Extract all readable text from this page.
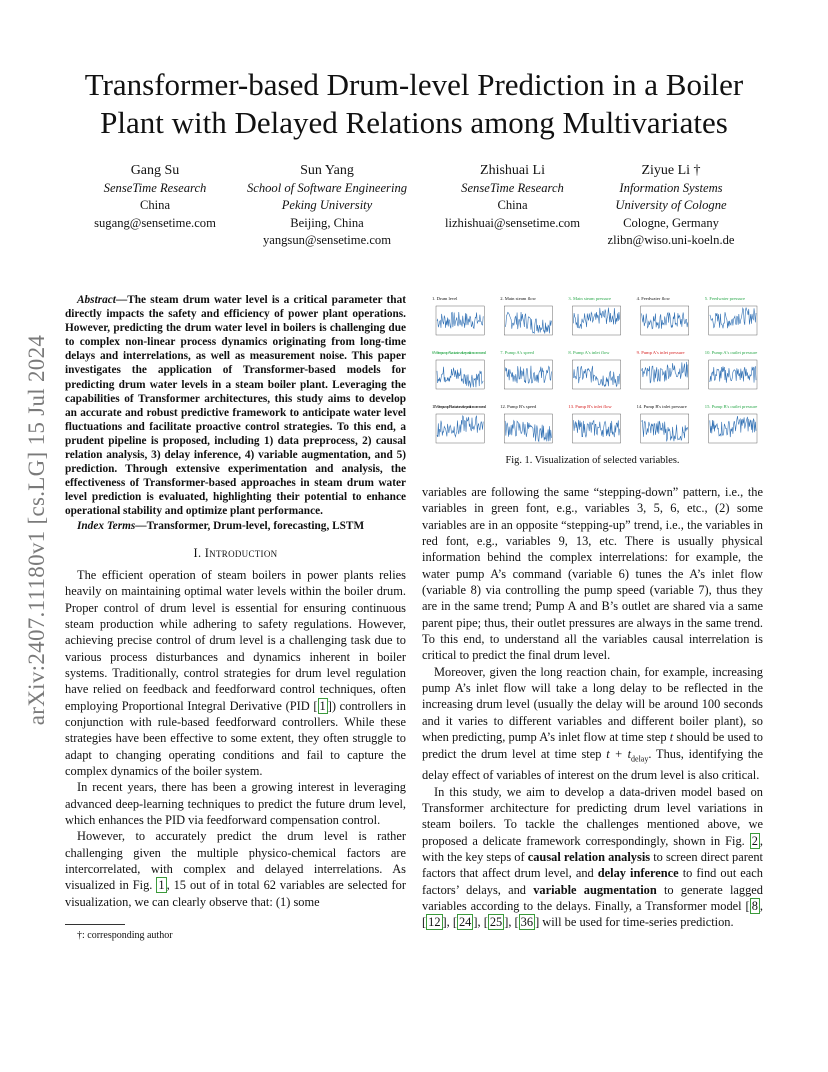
arXiv:2407.11180v1 [cs.LG] 15 Jul 2024
Transformer-based Drum-level Prediction in a Boiler
Plant with Delayed Relations among Multivariates
Gang Su
SenseTime Research
China
sugang@sensetime.com
Sun Yang
School of Software Engineering
Peking University
Beijing, China
yangsun@sensetime.com
Zhishuai Li
SenseTime Research
China
lizhishuai@sensetime.com
Ziyue Li †
Information Systems
University of Cologne
Cologne, Germany
zlibn@wiso.uni-koeln.de

Abstract—The steam drum water level is a critical parameter that directly impacts the safety and efficiency of power plant operations. However, predicting the drum water level in boilers is challenging due to complex non-linear process dynamics originating from long-time delays and interrelations, as well as measurement noise. This paper investigates the application of Transformer-based models for predicting drum water levels in a steam boiler plant. Leveraging the capabilities of Transformer architectures, this study aims to develop an accurate and robust predictive framework to anticipate water level fluctuations and facilitate proactive control strategies. To this end, a prudent pipeline is proposed, including 1) data preprocess, 2) causal relation analysis, 3) delay inference, 4) variable augmentation, and 5) prediction. Through extensive experimentation and analysis, the effectiveness of Transformer-based approaches in steam drum water level prediction is evaluated, highlighting their potential to enhance operational stability and optimize plant performance.

Index Terms—Transformer, Drum-level, forecasting, LSTM

I. Introduction

The efficient operation of steam boilers in power plants relies heavily on maintaining optimal water levels within the boiler drum. Proper control of drum level is essential for ensuring continuous steam production while adhering to safety regulations. However, achieving precise control of drum level is a challenging task due to various process disturbances and dynamics inherent in boiler systems. Traditionally, control strategies for drum level regulation have relied on feedback and feedforward control techniques, often employing Proportional Integral Derivative (PID [ 1 ]) controllers in conjunction with rule-based feedforward controllers. While these strategies have been effective to some extent, they often struggle to adapt to changing operating conditions and fail to capture the complex dynamics of the boiler system.

In recent years, there has been a growing interest in leveraging advanced deep-learning techniques to predict the future drum level, which enhances the PID via feedforward compensation control.

However, to accurately predict the drum level is rather challenging given the multiple physico-chemical factors are intercorrelated, with complex and delayed interrelations. As visualized in Fig. 1 , 15 out of in total 62 variables are selected for visualization, we can clearly observe that: (1) some

†: corresponding author
1. Drum level	2. Main steam flow	3. Main steam pressure	4. Feedwater flow	5. Feedwater pressure
6. Water pump A's actuator valve position command	7. Pump A's speed	8. Pump A's inlet flow	9. Pump A's inlet pressure	10. Pump A's outlet pressure
11. Water pump B's actuator valve position command	12. Pump B's speed	13. Pump B's inlet flow	14. Pump B's inlet pressure	15. Pump B's outlet pressure
Fig. 1. Visualization of selected variables.

variables are following the same “stepping-down” pattern, i.e., the variables in green font, e.g., variables 3, 5, 6, etc., (2) some variables are in an opposite “stepping-up” trend, i.e., the variables in red font, e.g., variables 9, 13, etc. There is usually physical information behind the complex interrelations: for example, the water pump A’s command (variable 6) tunes the A’s inlet flow (variable 8) via controlling the pump speed (variable 7), thus they are in the same trend; Pump A and B’s outlet are shared via a same parent pipe; thus, their outlet pressures are always in the same trend. To this end, to understand all the variables causal interrelation is critical to predict the final drum level.

Moreover, given the long reaction chain, for example, increasing pump A’s inlet flow will take a long delay to be reflected in the increasing drum level (usually the delay will be around 100 seconds and it varies to different variables and different boiler plant), so when predicting, pump A’s inlet flow at time step t should be used to predict the drum level at time step $t + t_{delay}$. Thus, identifying the delay effect of variables of interest on the drum level is also critical.

In this study, we aim to develop a data-driven model based on Transformer architecture for predicting drum level variations in steam boilers. To tackle the challenges mentioned above, we proposed a delicate framework correspondingly, shown in Fig. 2 , with the key steps of causal relation analysis to screen direct parent factors that affect drum level, and delay inference to find out each factors’ delays, and variable augmentation to generate lagged variables according to the delays. Finally, a Transformer model [ 8 , [ 12 ], [ 24 ], [ 25 ], [ 36 ] will be used for time-series prediction.
